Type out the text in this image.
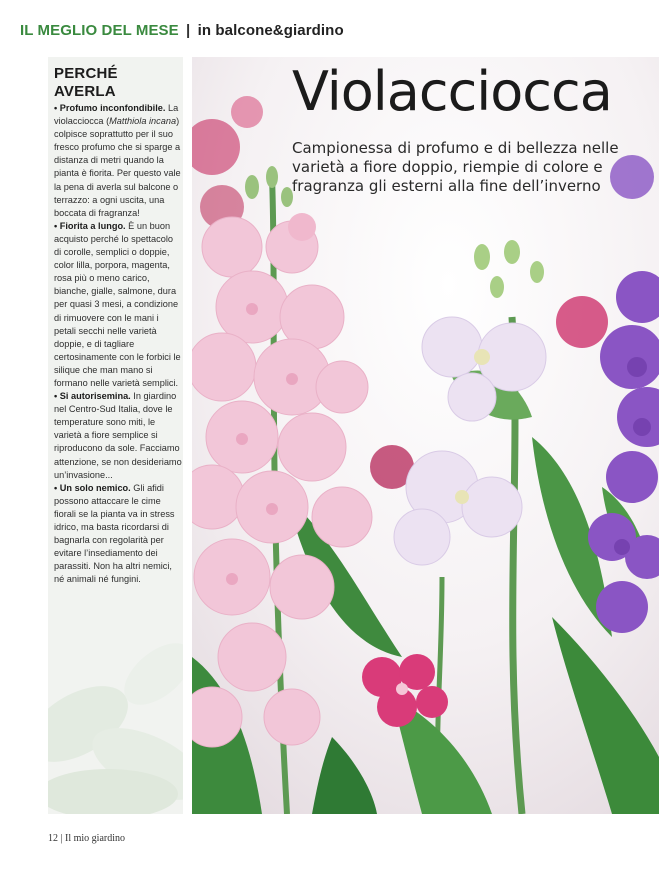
IL MEGLIO DEL MESE | in balcone&giardino
PERCHÉ AVERLA

• Profumo inconfondibile. La violacciocca (Matthiola incana) colpisce soprattutto per il suo fresco profumo che si sparge a distanza di metri quando la pianta è fiorita. Per questo vale la pena di averla sul balcone o terrazzo: a ogni uscita, una boccata di fragranza!

• Fiorita a lungo. È un buon acquisto perché lo spettacolo di corolle, semplici o doppie, color lilla, porpora, magenta, rosa più o meno carico, bianche, gialle, salmone, dura per quasi 3 mesi, a condizione di rimuovere con le mani i petali secchi nelle varietà doppie, e di tagliare certosinamente con le forbici le silique che man mano si formano nelle varietà semplici.

• Si autorisemina. In giardino nel Centro-Sud Italia, dove le temperature sono miti, le varietà a fiore semplice si riproducono da sole. Facciamo attenzione, se non desideriamo un’invasione...

• Un solo nemico. Gli afidi possono attaccare le cime fiorali se la pianta va in stress idrico, ma basta ricordarsi di bagnarla con regolarità per evitare l’insediamento dei parassiti. Non ha altri nemici, né animali né fungini.

Violacciocca
Campionessa di profumo e di bellezza nelle varietà a fiore doppio, riempie di colore e fragranza gli esterni alla fine dell’inverno
12 | Il mio giardino
